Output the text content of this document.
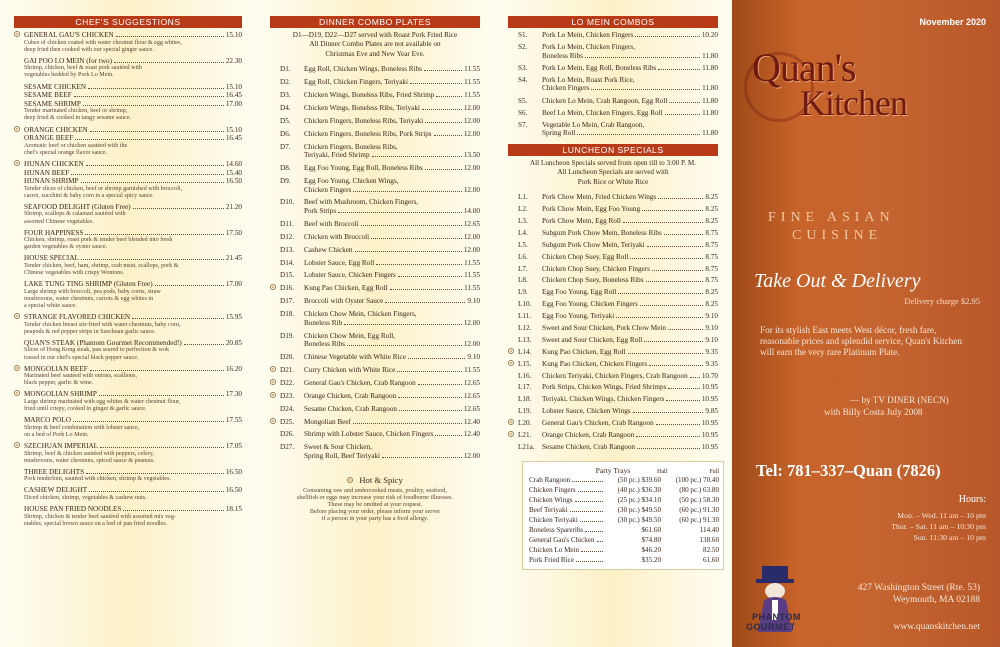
CHEF'S SUGGESTIONS
GENERAL GAU'S CHICKEN	15.10
Cubes of chicken coated with water chestnut flour & egg whites,
deep fried then cooked with our special ginger sauce.
GAI POO LO MEIN (for two)	22.30
Shrimp, chicken, beef & roast pork sautéed with
vegetables bedded by Pork Lo Mein.
SESAME CHICKEN	15.10
SESAME BEEF	16.45
SESAME SHRIMP	17.00
Tender marinated chicken, beef or shrimp,
deep fried & cooked in tangy sesame sauce.
ORANGE CHICKEN	15.10
ORANGE BEEF	16.45
Aromatic beef or chicken sautéed with the
chef's special orange flavor sauce.
HUNAN CHICKEN	14.60
HUNAN BEEF	15.40
HUNAN SHRIMP	16.50
Tender slices of chicken, beef or shrimp garnished with broccoli,
carrot, zucchini & baby corn in a special spicy sauce.
SEAFOOD DELIGHT (Gluten Free)	21.20
Shrimp, scallops & calamari sautéed with
assorted Chinese vegetables.
FOUR HAPPINESS	17.50
Chicken, shrimp, roast pork & tender beef blended into fresh
garden vegetables & oyster sauce.
HOUSE SPECIAL	21.45
Tender chicken, beef, ham, shrimp, crab meat, scallops, pork &
Chinese vegetables with crispy Wontons.
LAKE TUNG TING SHRIMP (Gluten Free)	17.00
Large shrimp with broccoli, pea pods, baby corns, straw
mushrooms, water chestnuts, carrots & egg whites in
a special white sauce.
STRANGE FLAVORED CHICKEN	15.95
Tender chicken breast stir-fried with water chestnuts, baby corn,
peapods & red pepper strips in Szechuan garlic sauce.
QUAN'S STEAK (Phantom Gourmet Recommended!)	20.85
Slices of Hong Kong steak, pan seared to perfection & wok
tossed in our chef's special black pepper sauce.
MONGOLIAN BEEF	16.20
Marinated beef sautéed with onions, scallions,
black pepper, garlic & wine.
MONGOLIAN SHRIMP	17.30
Large shrimp marinated with egg whites & water chestnut flour,
fried until crispy, cooked in ginger & garlic sauce.
MARCO POLO	17.55
Shrimp & beef combination with lobster sauce,
on a bed of Pork Lo Mein.
SZECHUAN IMPERIAL	17.05
Shrimp, beef & chicken sautéed with peppers, celery,
mushrooms, water chestnuts, spiced sauce & peanuts.
THREE DELIGHTS	16.50
Pork tenderloin, sautéed with chicken, shrimp & vegetables.
CASHEW DELIGHT	16.50
Diced chicken, shrimp, vegetables & cashew nuts.
HOUSE PAN FRIED NOODLES	18.15
Shrimp, chicken & tender beef sautéed with assorted mix veg-
etables, special brown sauce on a bed of pan fried noodles.
DINNER COMBO PLATES
D1—D19, D22—D27 served with Roast Pork Fried Rice
All Dinner Combo Plates are not available on
Christmas Eve and New Year Eve.
D1.	Egg Roll, Chicken Wings, Boneless Ribs	11.55
D2.	Egg Roll, Chicken Fingers, Teriyaki	11.55
D3.	Chicken Wings, Boneless Ribs, Fried Shrimp	11.55
D4.	Chicken Wings, Boneless Ribs, Teriyaki	12.00
D5.	Chicken Fingers, Boneless Ribs, Teriyaki	12.00
D6.	Chicken Fingers, Boneless Ribs, Pork Strips	12.00
D7.	Chicken Fingers, Boneless Ribs,
Teriyaki, Fried Shrimp	13.50
D8.	Egg Foo Young, Egg Roll, Boneless Ribs	12.00
D9.	Egg Foo Young, Chicken Wings,
Chicken Fingers	12.00
D10.	Beef with Mushroom, Chicken Fingers,
Pork Strips	14.00
D11.	Beef with Broccoli	12.65
D12.	Chicken with Broccoli	12.00
D13.	Cashew Chicken	12.00
D14.	Lobster Sauce, Egg Roll	11.55
D15.	Lobster Sauce, Chicken Fingers	11.55
D16.	Kung Pao Chicken, Egg Roll	11.55
D17.	Broccoli with Oyster Sauce	9.10
D18.	Chicken Chow Mein, Chicken Fingers,
Boneless Rib	12.00
D19.	Chicken Chow Mein, Egg Roll,
Boneless Ribs	12.00
D20.	Chinese Vegetable with White Rice	9.10
D21.	Curry Chicken with White Rice	11.55
D22.	General Gau's Chicken, Crab Rangoon	12.65
D23.	Orange Chicken, Crab Rangoon	12.65
D24.	Sesame Chicken, Crab Rangoon	12.65
D25.	Mongolian Beef	12.40
D26.	Shrimp with Lobster Sauce, Chicken Fingers	12.40
D27.	Sweet & Sour Chicken,
Spring Roll, Beef Teriyaki	12.00
Hot & Spicy
Consuming raw and undercooked meats, poultry, seafood,
shellfish or eggs may increase your risk of foodborne illnesses.
These may be omitted at your request.
Before placing your order, please inform your server
if a person in your party has a food allergy.
LO MEIN COMBOS
S1.	Pork Lo Mein, Chicken Fingers	10.20
S2.	Pork Lo Mein, Chicken Fingers,
Boneless Ribs	11.80
S3.	Pork Lo Mein, Egg Roll, Boneless Ribs	11.80
S4.	Pork Lo Mein, Roast Pork Rice,
Chicken Fingers	11.80
S5.	Chicken Lo Mein, Crab Rangoon, Egg Roll	11.80
S6.	Beef Lo Mein, Chicken Fingers, Egg Roll	11.80
S7.	Vegetable Lo Mein, Crab Rangoon,
Spring Roll	11.80
LUNCHEON SPECIALS
All Luncheon Specials served from open till to 3:00 P. M.
All Luncheon Specials are served with
Pork Rice or White Rice
L1.	Pork Chow Mein, Fried Chicken Wings	8.25
L2.	Pork Chow Mein, Egg Foo Young	8.25
L3.	Pork Chow Mein, Egg Roll	8.25
L4.	Subgum Pork Chow Mein, Boneless Ribs	8.75
L5.	Subgum Pork Chow Mein, Teriyaki	8.75
L6.	Chicken Chop Suey, Egg Roll	8.75
L7.	Chicken Chop Suey, Chicken Fingers	8.75
L8.	Chicken Chop Suey, Boneless Ribs	8.75
L9.	Egg Foo Young, Egg Roll	8.25
L10.	Egg Foo Young, Chicken Fingers	8.25
L11.	Egg Foo Young, Teriyaki	9.10
L12.	Sweet and Sour Chicken, Pork Chow Mein	9.10
L13.	Sweet and Sour Chicken, Egg Roll	9.10
L14.	Kung Pao Chicken, Egg Roll	9.35
L15.	Kung Pao Chicken, Chicken Fingers	9.35
L16.	Chicken Teriyaki, Chicken Fingers, Crab Rangoon 10.70
L17.	Pork Strips, Chicken Wings, Fried Shrimps	10.95
L18.	Teriyaki, Chicken Wings, Chicken Fingers	10.95
L19.	Lobster Sauce, Chicken Wings	9.85
L20.	General Gau's Chicken, Crab Rangoon	10.95
L21.	Orange Chicken, Crab Rangoon	10.95
L21a.	Sesame Chicken, Crab Rangoon	10.95
Party Trays	Half	Full
Crab Rangoon	(50 pc.) $39.60	(100 pc.) 70.40
Chicken Fingers	(40 pc.) $36.30	(80 pc.) 63.80
Chicken Wings	(25 pc.) $34.10	(50 pc.) 58.30
Beef Teriyaki	(30 pc.) $49.50	(60 pc.) 91.30
Chicken Teriyaki	(30 pc.) $49.50	(60 pc.) 91.30
Boneless Spareribs	$61.60	114.40
General Gau's Chicken	$74.80	138.60
Chicken Lo Mein	$46.20	82.50
Pork Fried Rice	$35.20	61.60
November 2020
Quan's
Kitchen
FINE ASIAN
CUISINE
Take Out & Delivery
Delivery charge $2.95
For its stylish East meets West décor, fresh fare, reasonable prices and splendid service, Quan's Kitchen will earn the very rare Platinum Plate.
— by TV DINER (NECN)
with Billy Costa July 2008
Tel: 781–337–Quan (7826)
Hours:
Mon. – Wed. 11 am – 10 pm
Thur. – Sat. 11 am – 10:30 pm
Sun. 11:30 am – 10 pm
PHANTOM
GOURMET
427 Washington Street (Rte. 53)
Weymouth, MA 02188
www.quanskitchen.net
